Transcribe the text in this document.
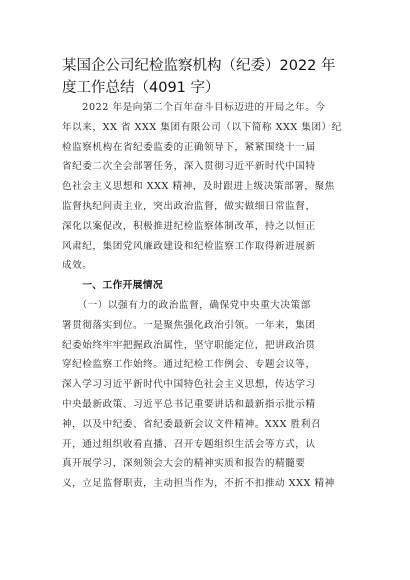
某国企公司纪检监察机构（纪委）2022 年
度工作总结（4091 字）
　　2022 年是向第二个百年奋斗目标迈进的开局之年。今
年以来，XX 省 XXX 集团有限公司（以下简称 XXX 集团）纪
检监察机构在省纪委监委的正确领导下，紧紧围绕十一届
省纪委二次全会部署任务，深入贯彻习近平新时代中国特
色社会主义思想和 XXX 精神，及时跟进上级决策部署，聚焦
监督执纪问责主业，突出政治监督，做实做细日常监督，
深化以案促改，积极推进纪检监察体制改革，持之以恒正
风肃纪，集团党风廉政建设和纪检监察工作取得新进展新
成效。
　　一、工作开展情况
　　（一）以强有力的政治监督，确保党中央重大决策部
署贯彻落实到位。一是聚焦强化政治引领。一年来，集团
纪委始终牢牢把握政治属性，坚守职能定位，把讲政治贯
穿纪检监察工作始终。通过纪检工作例会、专题会议等，
深入学习习近平新时代中国特色社会主义思想，传达学习
中央最新政策、习近平总书记重要讲话和最新指示批示精
神，以及中纪委、省纪委最新会议文件精神。XXX 胜利召
开，通过组织收看直播、召开专题组织生活会等方式，认
真开展学习，深刻领会大会的精神实质和报告的精髓要
义，立足监督职责，主动担当作为，不折不扣推动 XXX 精神
